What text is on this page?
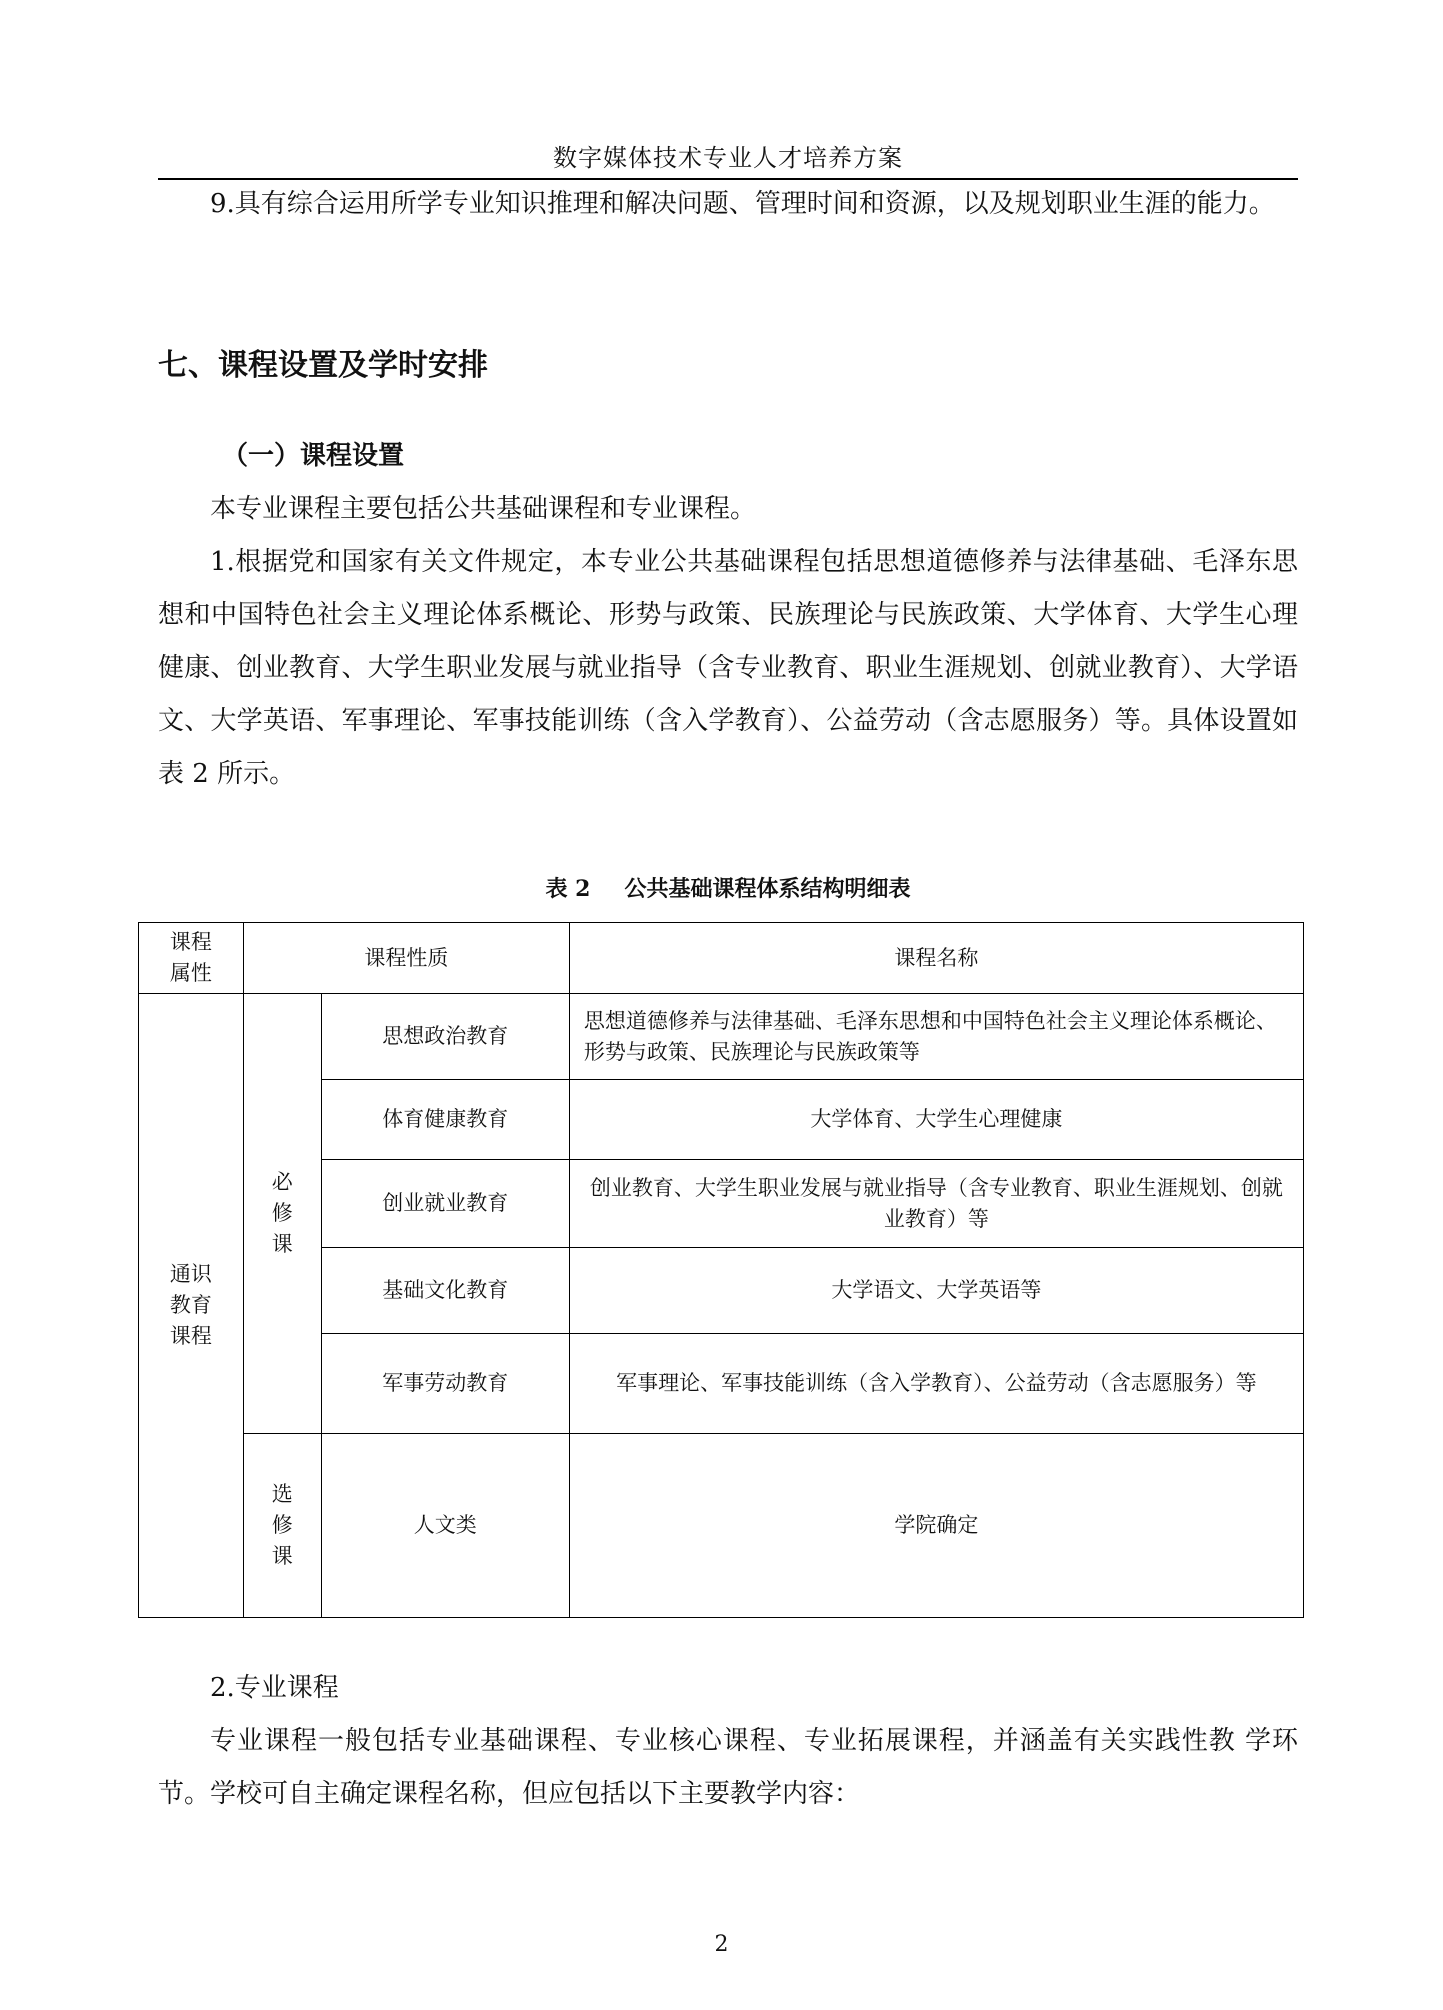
数字媒体技术专业人才培养方案

9.具有综合运用所学专业知识推理和解决问题、管理时间和资源，以及规划职业生涯的能力。

七、课程设置及学时安排
（一）课程设置

本专业课程主要包括公共基础课程和专业课程。

1.根据党和国家有关文件规定，本专业公共基础课程包括思想道德修养与法律基础、毛泽东思想和中国特色社会主义理论体系概论、形势与政策、民族理论与民族政策、大学体育、大学生心理健康、创业教育、大学生职业发展与就业指导（含专业教育、职业生涯规划、创就业教育）、大学语文、大学英语、军事理论、军事技能训练（含入学教育）、公益劳动（含志愿服务）等。具体设置如表 2 所示。

表 2 公共基础课程体系结构明细表
课程属性	课程性质		课程名称
通识教育课程	必修课	思想政治教育	思想道德修养与法律基础、毛泽东思想和中国特色社会主义理论体系概论、形势与政策、民族理论与民族政策等
		体育健康教育	大学体育、大学生心理健康
		创业就业教育	创业教育、大学生职业发展与就业指导（含专业教育、职业生涯规划、创就业教育）等
		基础文化教育	大学语文、大学英语等
		军事劳动教育	军事理论、军事技能训练（含入学教育）、公益劳动（含志愿服务）等
	选修课	人文类	学院确定

2.专业课程

专业课程一般包括专业基础课程、专业核心课程、专业拓展课程，并涵盖有关实践性教 学环节。学校可自主确定课程名称，但应包括以下主要教学内容：

2
